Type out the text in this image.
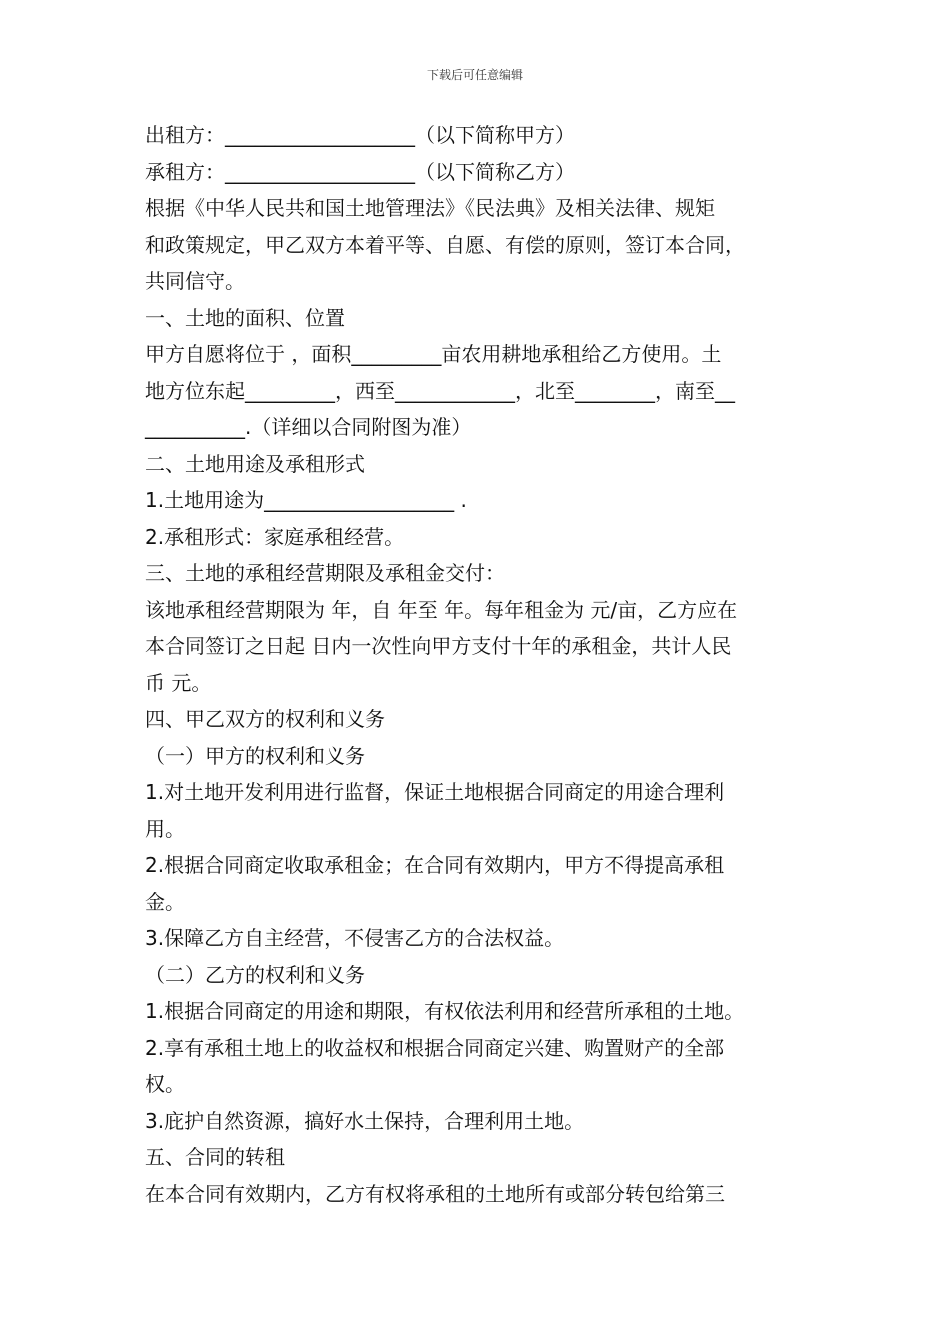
下载后可任意编辑
出租方：___________________（以下简称甲方）
承租方：___________________（以下简称乙方）
根据《中华人民共和国土地管理法》《民法典》及相关法律、规矩
和政策规定，甲乙双方本着平等、自愿、有偿的原则，签订本合同，
共同信守。
一、土地的面积、位置
甲方自愿将位于 ，面积_________亩农用耕地承租给乙方使用。土
地方位东起_________，西至____________，北至________，南至__
__________.（详细以合同附图为准）
二、土地用途及承租形式
1.土地用途为___________________ .
2.承租形式：家庭承租经营。
三、土地的承租经营期限及承租金交付：
该地承租经营期限为 年，自 年至 年。每年租金为 元/亩，乙方应在
本合同签订之日起 日内一次性向甲方支付十年的承租金，共计人民
币 元。
四、甲乙双方的权利和义务
（一）甲方的权利和义务
1.对土地开发利用进行监督，保证土地根据合同商定的用途合理利
用。
2.根据合同商定收取承租金；在合同有效期内，甲方不得提高承租
金。
3.保障乙方自主经营，不侵害乙方的合法权益。
（二）乙方的权利和义务
1.根据合同商定的用途和期限，有权依法利用和经营所承租的土地。
2.享有承租土地上的收益权和根据合同商定兴建、购置财产的全部
权。
3.庇护自然资源，搞好水土保持，合理利用土地。
五、合同的转租
在本合同有效期内，乙方有权将承租的土地所有或部分转包给第三
